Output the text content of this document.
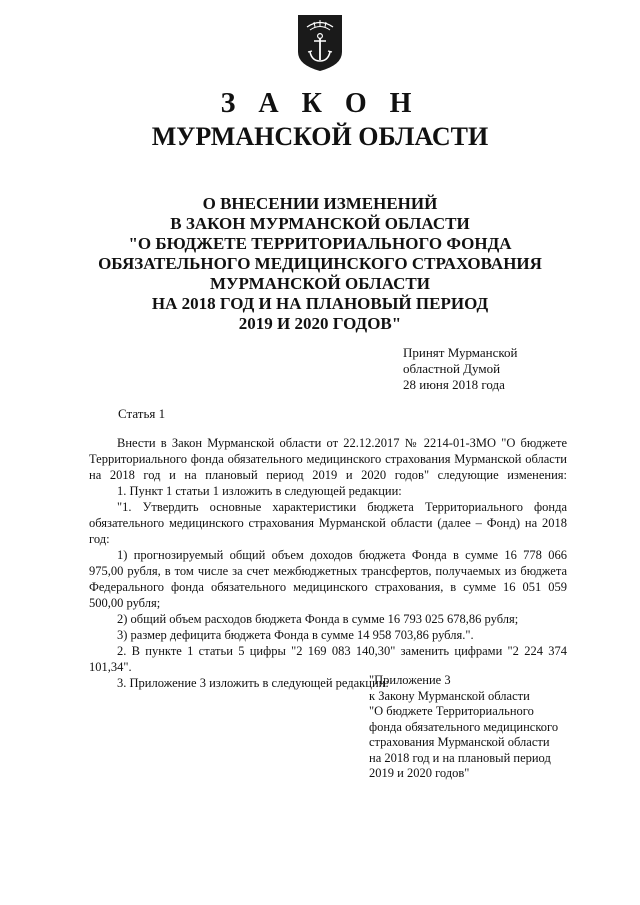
З А К О Н
МУРМАНСКОЙ ОБЛАСТИ
О ВНЕСЕНИИ ИЗМЕНЕНИЙ
В ЗАКОН МУРМАНСКОЙ ОБЛАСТИ
"О БЮДЖЕТЕ ТЕРРИТОРИАЛЬНОГО ФОНДА
ОБЯЗАТЕЛЬНОГО МЕДИЦИНСКОГО СТРАХОВАНИЯ
МУРМАНСКОЙ ОБЛАСТИ
НА 2018 ГОД И НА ПЛАНОВЫЙ ПЕРИОД
2019 И 2020 ГОДОВ"
Принят Мурманской
областной Думой
28 июня 2018 года
Статья 1

Внести в Закон Мурманской области от 22.12.2017 № 2214-01-ЗМО "О бюджете Территориального фонда обязательного медицинского страхования Мурманской области на 2018 год и на плановый период 2019 и 2020 годов" следующие изменения:

1. Пункт 1 статьи 1 изложить в следующей редакции:

"1. Утвердить основные характеристики бюджета Территориального фонда обязательного медицинского страхования Мурманской области (далее – Фонд) на 2018 год:

1) прогнозируемый общий объем доходов бюджета Фонда в сумме 16 778 066 975,00 рубля, в том числе за счет межбюджетных трансфертов, получаемых из бюджета Федерального фонда обязательного медицинского страхования, в сумме 16 051 059 500,00 рубля;

2) общий объем расходов бюджета Фонда в сумме 16 793 025 678,86 рубля;

3) размер дефицита бюджета Фонда в сумме 14 958 703,86 рубля.".

2. В пункте 1 статьи 5 цифры "2 169 083 140,30" заменить цифрами "2 224 374 101,34".

3. Приложение 3 изложить в следующей редакции:

"Приложение 3
к Закону Мурманской области
"О бюджете Территориального
фонда обязательного медицинского
страхования Мурманской области
на 2018 год и на плановый период
2019 и 2020 годов"
